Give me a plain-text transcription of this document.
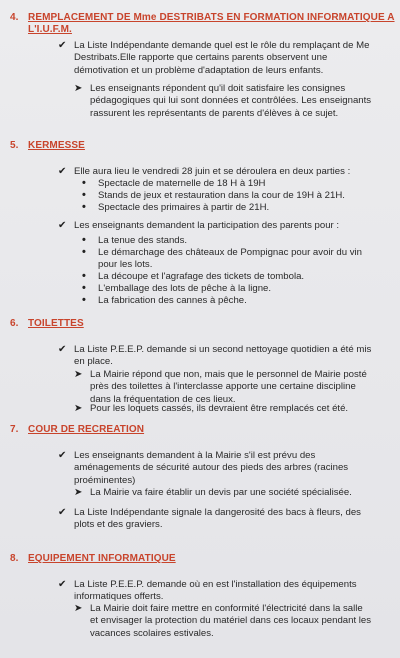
4. REMPLACEMENT DE Mme DESTRIBATS EN FORMATION INFORMATIQUE A
L'I.U.F.M.
✔ La Liste Indépendante demande quel est le rôle du remplaçant de Me
Destribats.Elle rapporte que certains parents observent une
démotivation et un problème d'adaptation de leurs enfants.
➤ Les enseignants répondent qu'il doit satisfaire les consignes
pédagogiques qui lui sont données et contrôlées. Les enseignants
rassurent les représentants de parents d'élèves à ce sujet.
5. KERMESSE
✔ Elle aura lieu le vendredi 28 juin et se déroulera en deux parties :
• Spectacle de maternelle de 18 H à 19H
• Stands de jeux et restauration dans la cour de 19H à 21H.
• Spectacle des primaires à partir de 21H.
✔ Les enseignants demandent la participation des parents pour :
• La tenue des stands.
• Le démarchage des châteaux de Pompignac pour avoir du vin
pour les lots.
• La découpe et l'agrafage des tickets de tombola.
• L'emballage des lots de pêche à la ligne.
• La fabrication des cannes à pêche.
6. TOILETTES
✔ La Liste P.E.E.P. demande si un second nettoyage quotidien a été mis
en place.
➤ La Mairie répond que non, mais que le personnel de Mairie posté
près des toilettes à l'interclasse apporte une certaine discipline
dans la fréquentation de ces lieux.
➤ Pour les loquets cassés, ils devraient être remplacés cet été.
7. COUR DE RECREATION
✔ Les enseignants demandent à la Mairie s'il est prévu des
aménagements de sécurité autour des pieds des arbres (racines
proéminentes)
➤ La Mairie va faire établir un devis par une société spécialisée.
✔ La Liste Indépendante signale la dangerosité des bacs à fleurs, des
plots et des graviers.
8. EQUIPEMENT INFORMATIQUE
✔ La Liste P.E.E.P. demande où en est l'installation des équipements
informatiques offerts.
➤ La Mairie doit faire mettre en conformité l'électricité dans la salle
et envisager la protection du matériel dans ces locaux pendant les
vacances scolaires estivales.
